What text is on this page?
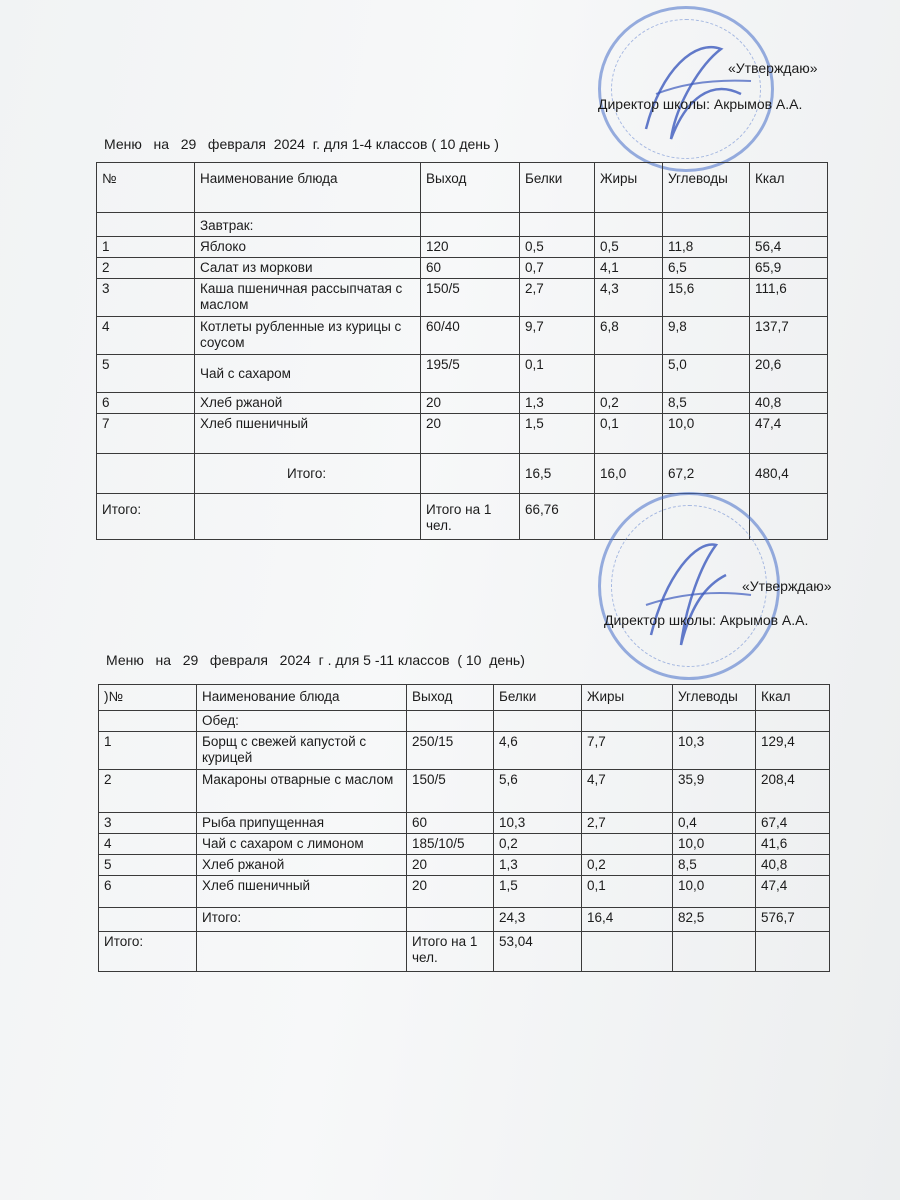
«Утверждаю»
Директор школы: Акрымов А.А.
Меню   на   29   февраля  2024  г. для 1-4 классов ( 10 день )
№	Наименование блюда	Выход	Белки	Жиры	Углеводы	Ккал
	Завтрак:					
1	Яблоко	120	0,5	0,5	11,8	56,4
2	Салат из моркови	60	0,7	4,1	6,5	65,9
3	Каша пшеничная рассыпчатая с маслом	150/5	2,7	4,3	15,6	111,6
4	Котлеты рубленные из курицы с соусом	60/40	9,7	6,8	9,8	137,7
5	Чай с сахаром	195/5	0,1		5,0	20,6
6	Хлеб ржаной	20	1,3	0,2	8,5	40,8
7	Хлеб пшеничный	20	1,5	0,1	10,0	47,4
	Итого:		16,5	16,0	67,2	480,4
Итого:		Итого на 1 чел.	66,76			
«Утверждаю»
Директор школы: Акрымов А.А.
Меню   на   29   февраля   2024  г . для 5 -11 классов  ( 10  день)
)№	Наименование блюда	Выход	Белки	Жиры	Углеводы	Ккал
	Обед:					
1	Борщ с свежей капустой с курицей	250/15	4,6	7,7	10,3	129,4
2	Макароны отварные с маслом	150/5	5,6	4,7	35,9	208,4
3	Рыба припущенная	60	10,3	2,7	0,4	67,4
4	Чай с сахаром с лимоном	185/10/5	0,2		10,0	41,6
5	Хлеб ржаной	20	1,3	0,2	8,5	40,8
6	Хлеб пшеничный	20	1,5	0,1	10,0	47,4
	Итого:		24,3	16,4	82,5	576,7
Итого:		Итого на 1 чел.	53,04			
